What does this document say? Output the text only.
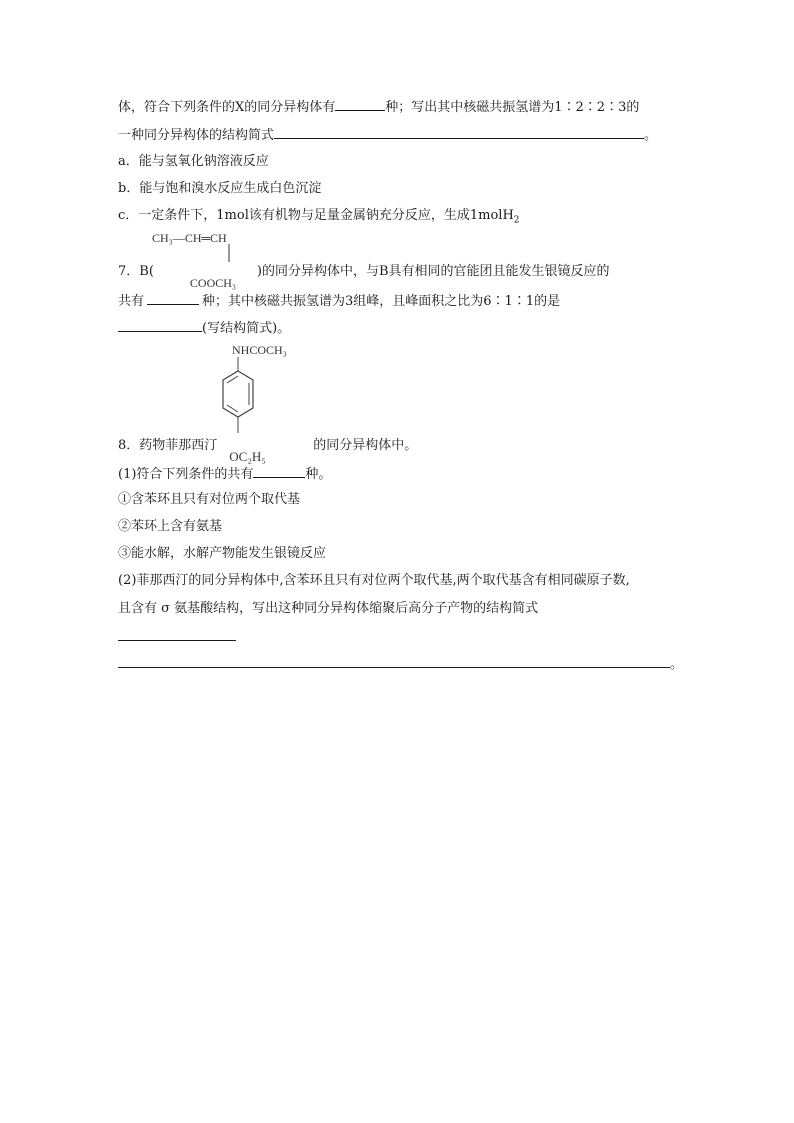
体，符合下列条件的X的同分异构体有	种；写出其中核磁共振氢谱为1∶2∶2∶3的
一种同分异构体的结构简式	。
a．能与氢氧化钠溶液反应
b．能与饱和溴水反应生成白色沉淀
c．一定条件下，1mol该有机物与足量金属钠充分反应，生成1molH$_2$
CH₃—CH═CH
7．B(
COOCH₃
)的同分异构体中，与B具有相同的官能团且能发生银镜反应的
共有	种；其中核磁共振氢谱为3组峰，且峰面积之比为6∶1∶1的是
(写结构简式)。
NHCOCH₃
8．药物菲那西汀
OC₂H₅
的同分异构体中。
(1)符合下列条件的共有	种。
①含苯环且只有对位两个取代基
②苯环上含有氨基
③能水解，水解产物能发生银镜反应
(2)菲那西汀的同分异构体中,含苯环且只有对位两个取代基,两个取代基含有相同碳原子数,
且含有 σ 氨基酸结构，写出这种同分异构体缩聚后高分子产物的结构简式
。
